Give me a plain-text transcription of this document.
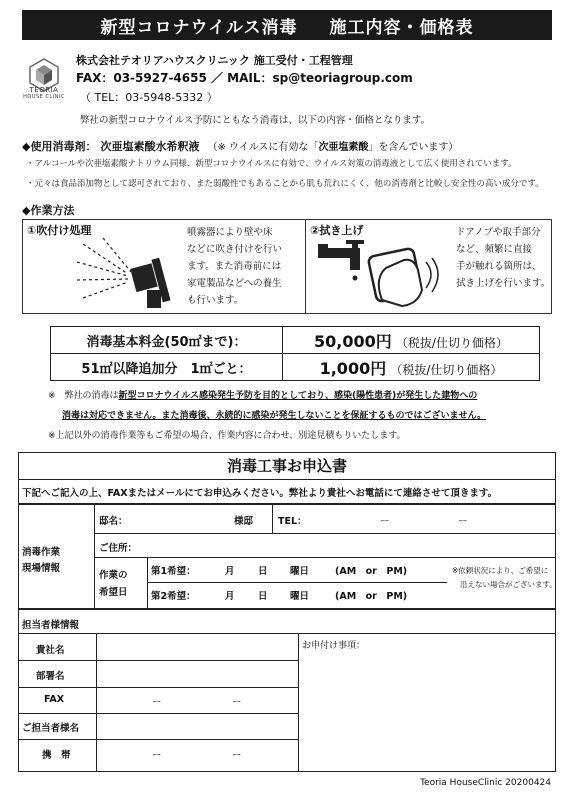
新型コロナウイルス消毒 施工内容・価格表
TEORIA
HOUSE CLINIC
株式会社テオリアハウスクリニック 施工受付・工程管理
FAX：03-5927-4655 ／ MAIL：sp@teoriagroup.com
（ TEL：03-5948-5332 ）
弊社の新型コロナウイルス予防にともなう消毒は、以下の内容・価格となります。
◆使用消毒剤： 次亜塩素酸水希釈液 （※ ウイルスに有効な「次亜塩素酸」を含んでいます）
・アルコールや次亜塩素酸ナトリウム同様、新型コロナウイルスに有効で、ウイルス対策の消毒液として広く使用されています。
・元々は食品添加物として認可されており、また弱酸性でもあることから肌も荒れにくく、他の消毒剤と比較し安全性の高い成分です。
◆作業方法
①吹付け処理	噴霧器により壁や床
などに吹き付けを行い
ます。また消毒前には
家電製品などへの養生
も行います。
②拭き上げ	ドアノブや取手部分
など、頻繁に直接
手が触れる箇所は、
拭き上げを行います。
消毒基本料金(50㎡まで)：	50,000円 （税抜/仕切り価格）
51㎡以降追加分　1㎡ごと：	1,000円 （税抜/仕切り価格）
※　弊社の消毒は新型コロナウイルス感染発生予防を目的としており、感染(陽性患者)が発生した建物への
消毒は対応できません。また消毒後、永続的に感染が発生しないことを保証するものではございません。
※上記以外の消毒作業等もご希望の場合、作業内容に合わせ、別途見積もりいたします。
消毒工事お申込書
下記へご記入の上、FAXまたはメールにてお申込みください。弊社より貴社へお電話にて連絡させて頂きます。
消毒作業
現場情報
邸名：	様邸	TEL：	ー	ー
ご住所：
作業の
希望日
第1希望：	月 日 曜日	(AM　or　PM)
第2希望：	月 日 曜日	(AM　or　PM)
※依頼状況により、ご希望に
沿えない場合がございます。
担当者様情報
貴社名
部署名
FAX	ー	ー
ご担当者様名
携　帯	ー	ー
お申付け事項：
Teoria HouseClinic 20200424
